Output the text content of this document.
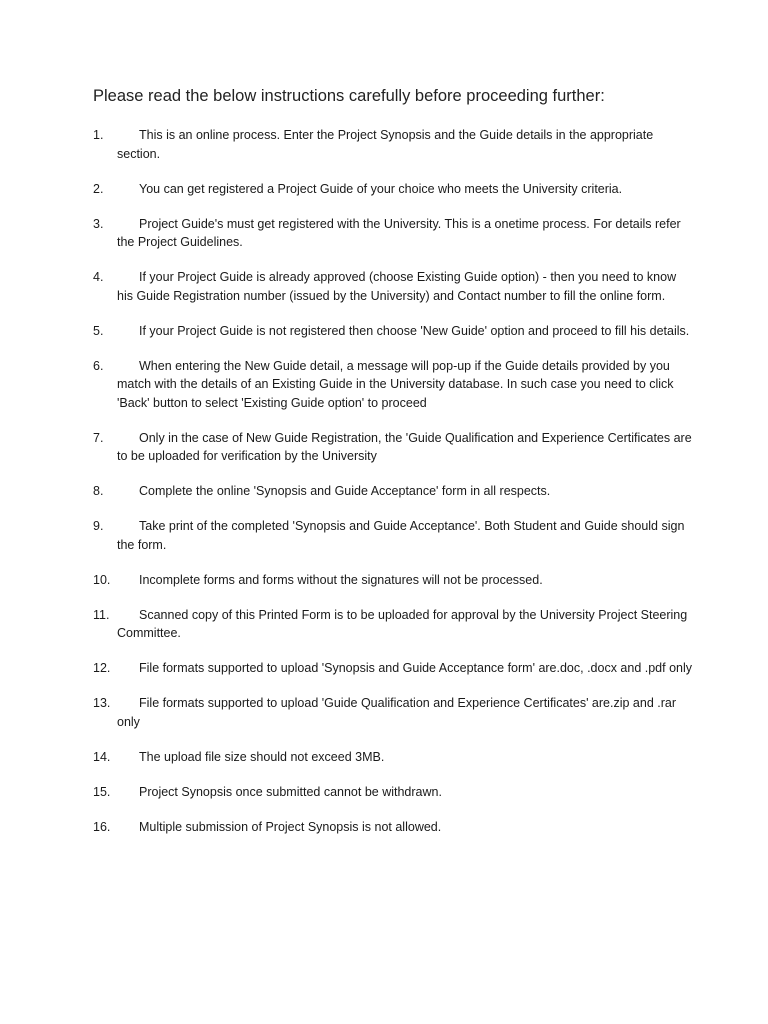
Please read the below instructions carefully before proceeding further:
1.	This is an online process. Enter the Project Synopsis and the Guide details in the appropriate section.
2.	You can get registered a Project Guide of your choice who meets the University criteria.
3.	Project Guide's must get registered with the University. This is a onetime process. For details refer the Project Guidelines.
4.	If your Project Guide is already approved (choose Existing Guide option) - then you need to know his Guide Registration number (issued by the University) and Contact number to fill the online form.
5.	If your Project Guide is not registered then choose 'New Guide' option and proceed to fill his details.
6.	When entering the New Guide detail, a message will pop-up if the Guide details provided by you match with the details of an Existing Guide in the University database. In such case you need to click 'Back' button to select 'Existing Guide option' to proceed
7.	Only in the case of New Guide Registration, the 'Guide Qualification and Experience Certificates are to be uploaded for verification by the University
8.	Complete the online 'Synopsis and Guide Acceptance' form in all respects.
9.	Take print of the completed 'Synopsis and Guide Acceptance'. Both Student and Guide should sign the form.
10.	Incomplete forms and forms without the signatures will not be processed.
11.	Scanned copy of this Printed Form is to be uploaded for approval by the University Project Steering Committee.
12.	File formats supported to upload 'Synopsis and Guide Acceptance form' are.doc, .docx and .pdf only
13.	File formats supported to upload 'Guide Qualification and Experience Certificates' are.zip and .rar only
14.	The upload file size should not exceed 3MB.
15.	Project Synopsis once submitted cannot be withdrawn.
16.	Multiple submission of Project Synopsis is not allowed.
